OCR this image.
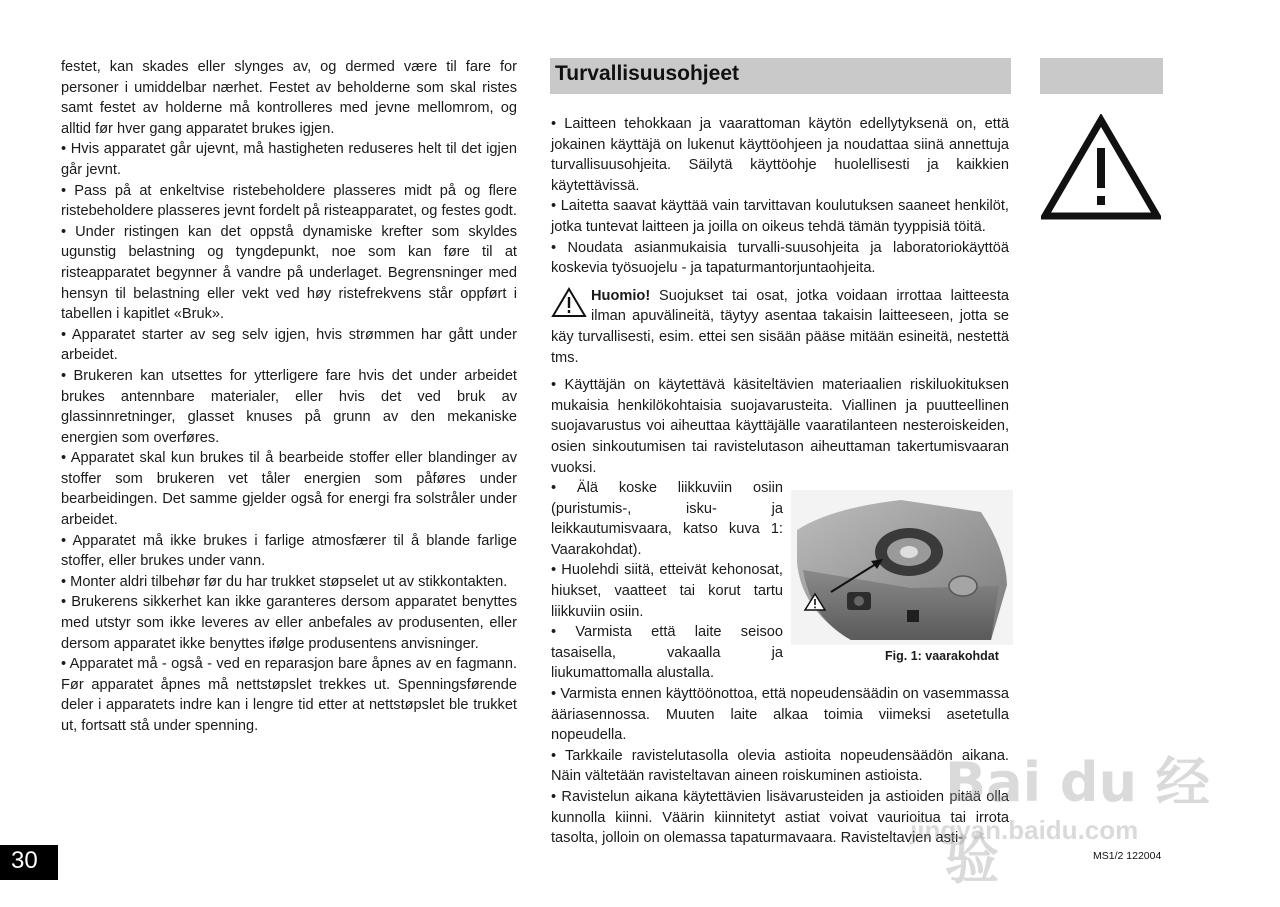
festet, kan skades eller slynges av, og dermed være til fare for personer i umiddelbar nærhet. Festet av beholderne som skal ristes samt festet av holderne må kontrolleres med jevne mellomrom, og alltid før hver gang apparatet brukes igjen.

• Hvis apparatet går ujevnt, må hastigheten reduseres helt til det igjen går jevnt.

• Pass på at enkeltvise ristebeholdere plasseres midt på og flere ristebeholdere plasseres jevnt fordelt på risteapparatet, og festes godt.

• Under ristingen kan det oppstå dynamiske krefter som skyldes ugunstig belastning og tyngdepunkt, noe som kan føre til at risteapparatet begynner å vandre på underlaget. Begrensninger med hensyn til belastning eller vekt ved høy ristefrekvens står oppført i tabellen i kapitlet «Bruk».

• Apparatet starter av seg selv igjen, hvis strømmen har gått under arbeidet.

• Brukeren kan utsettes for ytterligere fare hvis det under arbeidet brukes antennbare materialer, eller hvis det ved bruk av glassinnretninger, glasset knuses på grunn av den mekaniske energien som overføres.

• Apparatet skal kun brukes til å bearbeide stoffer eller blandinger av stoffer som brukeren vet tåler energien som påføres under bearbeidingen. Det samme gjelder også for energi fra solstråler under arbeidet.

• Apparatet må ikke brukes i farlige atmosfærer til å blande farlige stoffer, eller brukes under vann.

• Monter aldri tilbehør før du har trukket støpselet ut av stikkontakten.

• Brukerens sikkerhet kan ikke garanteres dersom apparatet benyttes med utstyr som ikke leveres av eller anbefales av produsenten, eller dersom apparatet ikke benyttes ifølge produsentens anvisninger.

• Apparatet må - også - ved en reparasjon bare åpnes av en fagmann. Før apparatet åpnes må nettstøpslet trekkes ut. Spenningsførende deler i apparatets indre kan i lengre tid etter at nettstøpslet ble trukket ut, fortsatt stå under spenning.

Turvallisuusohjeet

• Laitteen tehokkaan ja vaarattoman käytön edellytyksenä on, että jokainen käyttäjä on lukenut käyttöohjeen ja noudattaa siinä annettuja turvallisuusohjeita. Säilytä käyttöohje huolellisesti ja kaikkien käytettävissä.

• Laitetta saavat käyttää vain tarvittavan koulutuksen saaneet henkilöt, jotka tuntevat laitteen ja joilla on oikeus tehdä tämän tyyppisiä töitä.

• Noudata asianmukaisia turvalli-suusohjeita ja laboratoriokäyttöä koskevia työsuojelu - ja tapaturmantorjuntaohjeita.

Huomio! Suojukset tai osat, jotka voidaan irrottaa laitteesta ilman apuvälineitä, täytyy asentaa takaisin laitteeseen, jotta se käy turvallisesti, esim. ettei sen sisään pääse mitään esineitä, nestettä tms.

• Käyttäjän on käytettävä käsiteltävien materiaalien riskiluokituksen mukaisia henkilökohtaisia suojavarusteita. Viallinen ja puutteellinen suojavarustus voi aiheuttaa käyttäjälle vaaratilanteen nesteroiskeiden, osien sinkoutumisen tai ravistelutason aiheuttaman takertumisvaaran vuoksi.

• Älä koske liikkuviin osiin (puristumis-, isku- ja leikkautumisvaara, katso kuva 1: Vaarakohdat).

• Huolehdi siitä, etteivät kehonosat, hiukset, vaatteet tai korut tartu liikkuviin osiin.

• Varmista että laite seisoo tasaisella, vakaalla ja liukumattomalla alustalla.

• Varmista ennen käyttöönottoa, että nopeudensäädin on vasemmassa ääriasennossa. Muuten laite alkaa toimia viimeksi asetetulla nopeudella.

• Tarkkaile ravistelutasolla olevia astioita nopeudensäädön aikana. Näin vältetään ravisteltavan aineen roiskuminen astioista.

• Ravistelun aikana käytettävien lisävarusteiden ja astioiden pitää olla kunnolla kiinni. Väärin kiinnitetyt astiat voivat vaurioitua tai irrota tasolta, jolloin on olemassa tapaturmavaara. Ravisteltavien asti-

Fig. 1: vaarakohdat
Bai du 经验
jingyan.baidu.com
30	MS1/2 122004
